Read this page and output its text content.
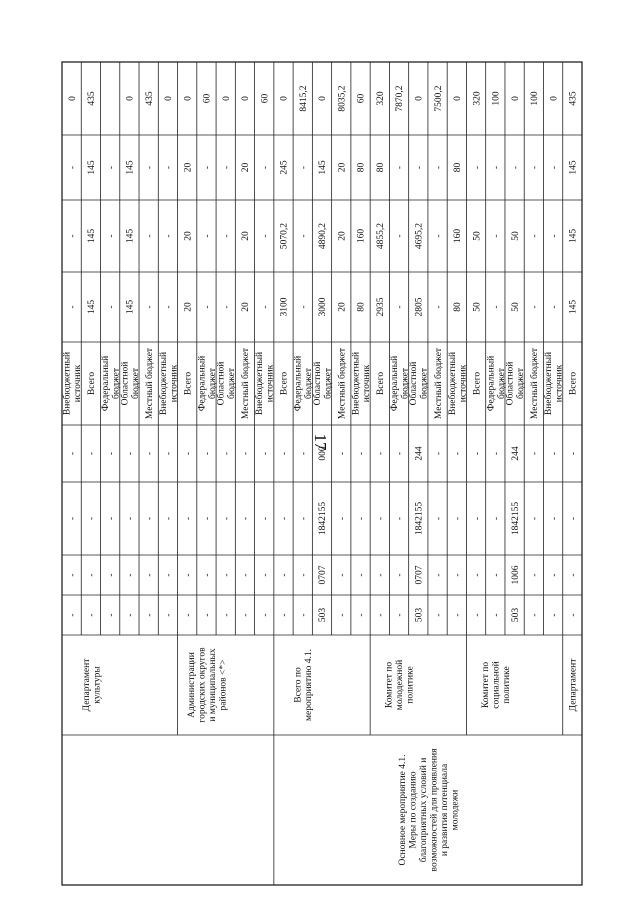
17
Департамент культуры
-
-
-
-
Внебюджетный источник
-
-
-
0
-
-
-
-
Всего
145
145
145
435
-
-
-
-
Федеральный бюджет
-
-
-
-
-
-
-
Областной бюджет
145
145
145
0
-
-
-
-
Местный бюджет
-
-
-
435
-
-
-
-
Внебюджетный источник
-
-
-
0
Администрации городских округов и муниципальных районов <*>
-
-
-
-
Всего
20
20
20
0
-
-
-
-
Федеральный бюджет
-
-
-
60
-
-
-
-
Областной бюджет
-
-
-
0
-
-
-
-
Местный бюджет
20
20
20
0
-
-
-
-
Внебюджетный источник
-
-
-
60
Основное мероприятие 4.1. Меры по созданию благоприятных условий и возможностей для проявления и развития потенциала молодежи
Всего по мероприятию 4.1.
-
-
-
-
Всего
3100
5070,2
245
0
-
-
-
-
Федеральный бюджет
-
-
-
8415,2
503
0707
1842155
000
Областной бюджет
3000
4890,2
145
0
-
-
-
-
Местный бюджет
20
20
20
8035,2
-
-
-
-
Внебюджетный источник
80
160
80
60
Комитет по молодежной политике
-
-
-
-
Всего
2935
4855,2
80
320
-
-
-
-
Федеральный бюджет
-
-
-
7870,2
503
0707
1842155
244
Областной бюджет
2805
4695,2
-
0
-
-
-
-
Местный бюджет
-
-
-
7500,2
-
-
-
-
Внебюджетный источник
80
160
80
0
Комитет по социальной политике
-
-
-
-
Всего
50
50
-
320
-
-
-
-
Федеральный бюджет
-
-
-
100
503
1006
1842155
244
Областной бюджет
50
50
-
0
-
-
-
-
Местный бюджет
-
-
-
100
-
-
-
-
Внебюджетный источник
-
-
-
0
Департамент
-
-
-
-
Всего
145
145
145
435
